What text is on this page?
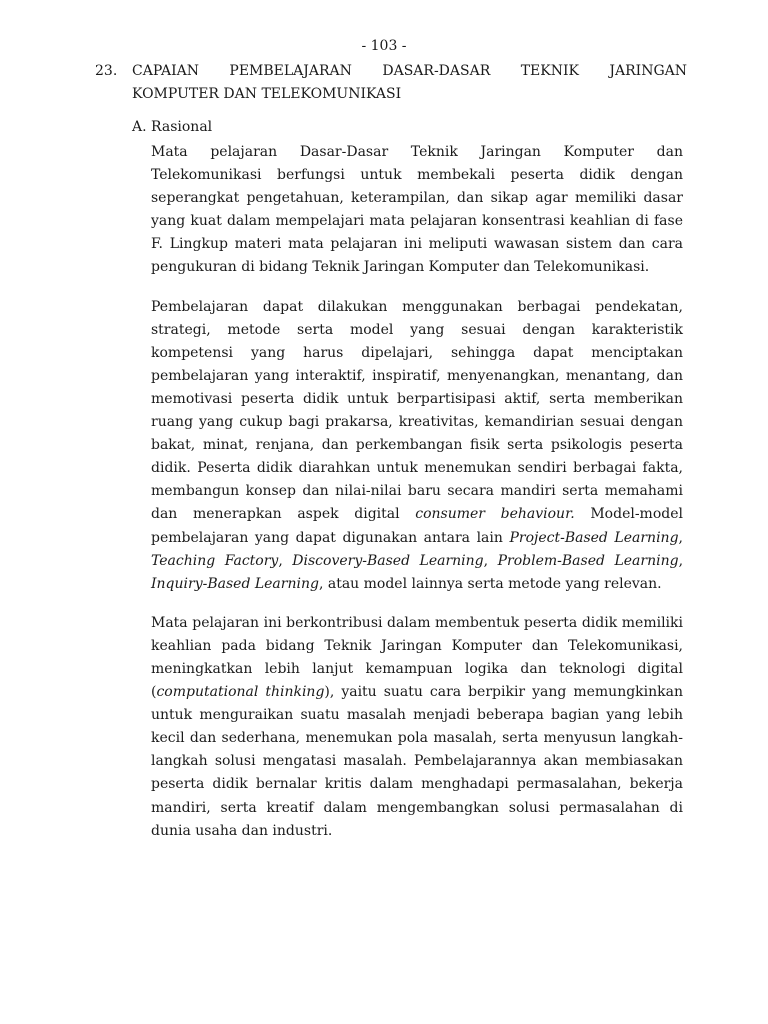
- 103 -
23. CAPAIAN PEMBELAJARAN DASAR-DASAR TEKNIK JARINGAN
KOMPUTER DAN TELEKOMUNIKASI
A. Rasional

Mata pelajaran Dasar-Dasar Teknik Jaringan Komputer dan Telekomunikasi berfungsi untuk membekali peserta didik dengan seperangkat pengetahuan, keterampilan, dan sikap agar memiliki dasar yang kuat dalam mempelajari mata pelajaran konsentrasi keahlian di fase F. Lingkup materi mata pelajaran ini meliputi wawasan sistem dan cara pengukuran di bidang Teknik Jaringan Komputer dan Telekomunikasi.

Pembelajaran dapat dilakukan menggunakan berbagai pendekatan, strategi, metode serta model yang sesuai dengan karakteristik kompetensi yang harus dipelajari, sehingga dapat menciptakan pembelajaran yang interaktif, inspiratif, menyenangkan, menantang, dan memotivasi peserta didik untuk berpartisipasi aktif, serta memberikan ruang yang cukup bagi prakarsa, kreativitas, kemandirian sesuai dengan bakat, minat, renjana, dan perkembangan fisik serta psikologis peserta didik. Peserta didik diarahkan untuk menemukan sendiri berbagai fakta, membangun konsep dan nilai-nilai baru secara mandiri serta memahami dan menerapkan aspek digital consumer behaviour. Model-model pembelajaran yang dapat digunakan antara lain Project-Based Learning, Teaching Factory, Discovery-Based Learning, Problem-Based Learning, Inquiry-Based Learning, atau model lainnya serta metode yang relevan.

Mata pelajaran ini berkontribusi dalam membentuk peserta didik memiliki keahlian pada bidang Teknik Jaringan Komputer dan Telekomunikasi, meningkatkan lebih lanjut kemampuan logika dan teknologi digital (computational thinking), yaitu suatu cara berpikir yang memungkinkan untuk menguraikan suatu masalah menjadi beberapa bagian yang lebih kecil dan sederhana, menemukan pola masalah, serta menyusun langkah- langkah solusi mengatasi masalah. Pembelajarannya akan membiasakan peserta didik bernalar kritis dalam menghadapi permasalahan, bekerja mandiri, serta kreatif dalam mengembangkan solusi permasalahan di dunia usaha dan industri.
